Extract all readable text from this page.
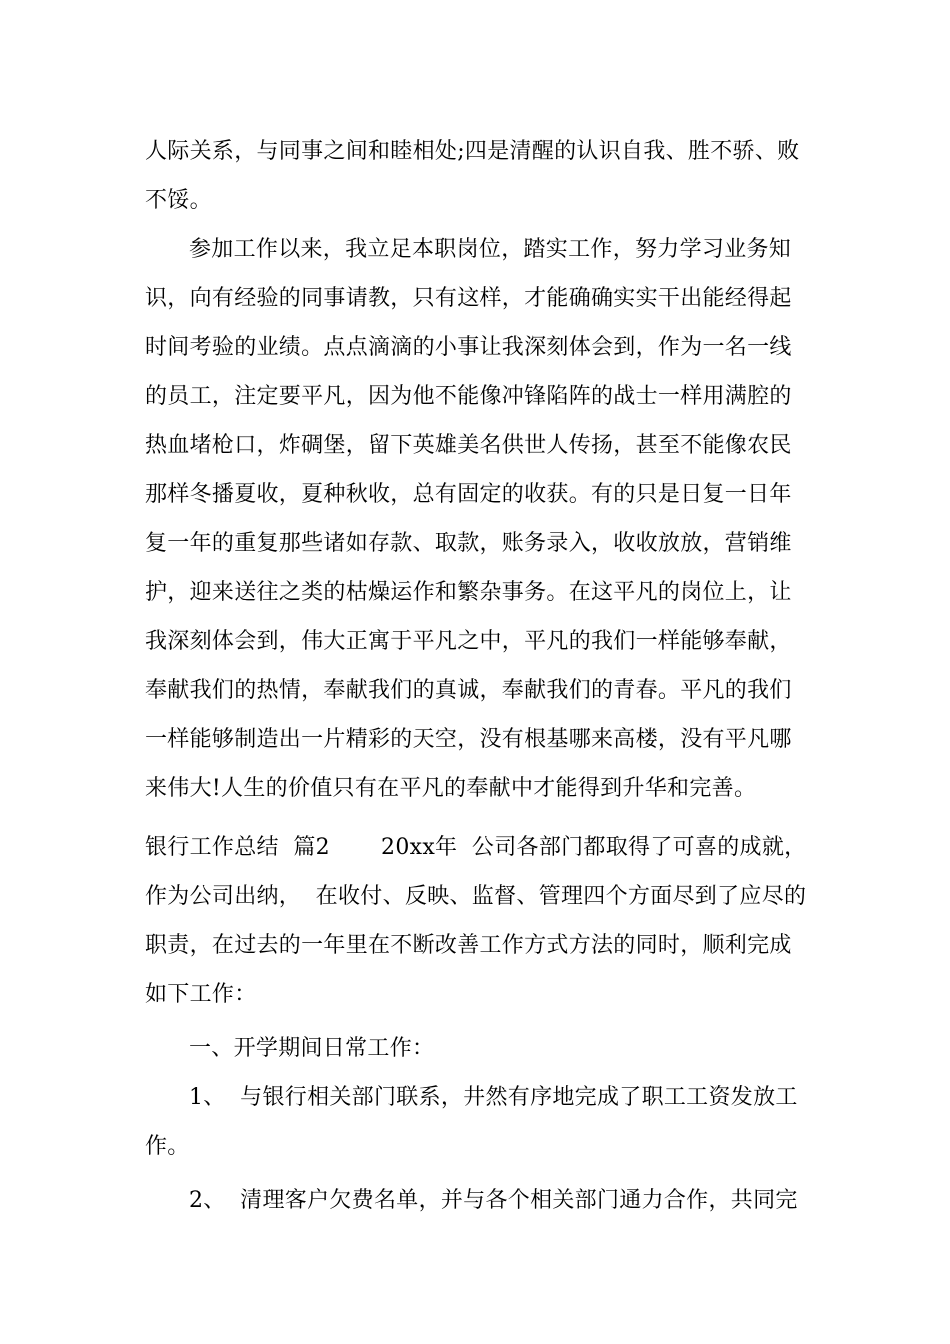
人际关系，与同事之间和睦相处;四是清醒的认识自我、胜不骄、败
不馁。
参加工作以来，我立足本职岗位，踏实工作，努力学习业务知
识，向有经验的同事请教，只有这样，才能确确实实干出能经得起
时间考验的业绩。点点滴滴的小事让我深刻体会到，作为一名一线
的员工，注定要平凡，因为他不能像冲锋陷阵的战士一样用满腔的
热血堵枪口，炸碉堡，留下英雄美名供世人传扬，甚至不能像农民
那样冬播夏收，夏种秋收，总有固定的收获。有的只是日复一日年
复一年的重复那些诸如存款、取款，账务录入，收收放放，营销维
护，迎来送往之类的枯燥运作和繁杂事务。在这平凡的岗位上，让
我深刻体会到，伟大正寓于平凡之中，平凡的我们一样能够奉献，
奉献我们的热情，奉献我们的真诚，奉献我们的青春。平凡的我们
一样能够制造出一片精彩的天空，没有根基哪来高楼，没有平凡哪
来伟大!人生的价值只有在平凡的奉献中才能得到升华和完善。
银行工作总结  篇2       20xx年  公司各部门都取得了可喜的成就，
作为公司出纳，  在收付、反映、监督、管理四个方面尽到了应尽的
职责，在过去的一年里在不断改善工作方式方法的同时，顺利完成
如下工作：
一、开学期间日常工作：
1、  与银行相关部门联系，井然有序地完成了职工工资发放工
作。
2、  清理客户欠费名单，并与各个相关部门通力合作，共同完
